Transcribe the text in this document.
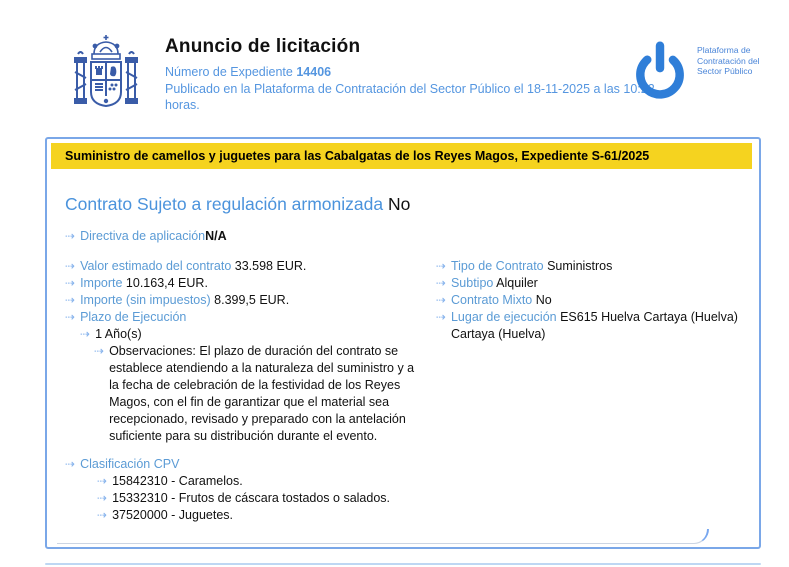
Anuncio de licitación
Número de Expediente 14406
Publicado en la Plataforma de Contratación del Sector Público el 18-11-2025 a las 10:22 horas.
Plataforma de Contratación del Sector Público
Suministro de camellos y juguetes para las Cabalgatas de los Reyes Magos, Expediente S-61/2025
Contrato Sujeto a regulación armonizada No
⇢ Directiva de aplicaciónN/A
⇢ Valor estimado del contrato 33.598 EUR.
⇢ Importe 10.163,4 EUR.
⇢ Importe (sin impuestos) 8.399,5 EUR.
⇢ Plazo de Ejecución
⇢ 1 Año(s)
⇢ Observaciones: El plazo de duración del contrato se establece atendiendo a la naturaleza del suministro y a la fecha de celebración de la festividad de los Reyes Magos, con el fin de garantizar que el material sea recepcionado, revisado y preparado con la antelación suficiente para su distribución durante el evento.
⇢ Clasificación CPV
⇢ 15842310 - Caramelos.
⇢ 15332310 - Frutos de cáscara tostados o salados.
⇢ 37520000 - Juguetes.
⇢ Tipo de Contrato Suministros
⇢ Subtipo Alquiler
⇢ Contrato Mixto No
⇢ Lugar de ejecución ES615 Huelva Cartaya (Huelva) Cartaya (Huelva)
